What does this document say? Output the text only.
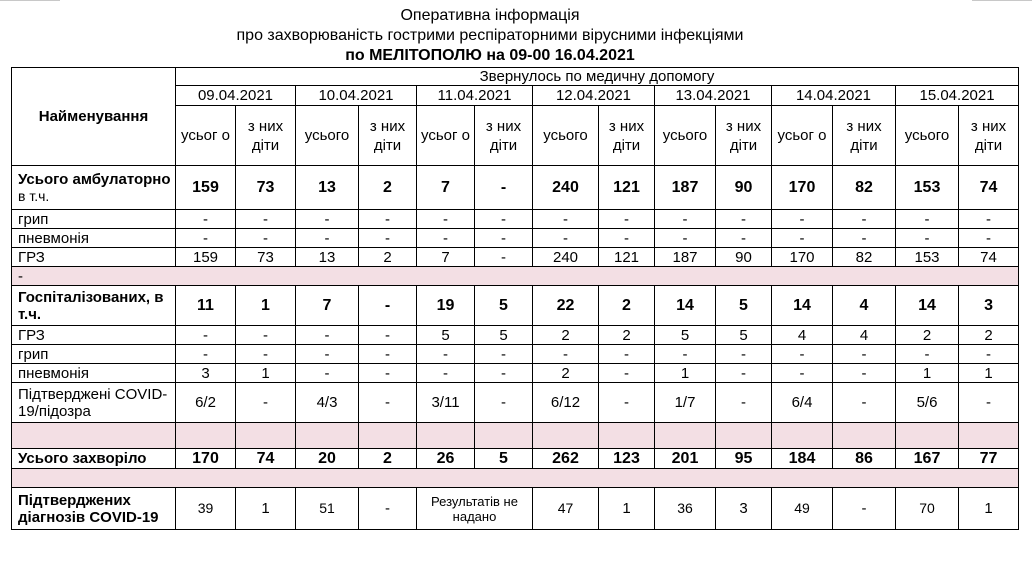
Оперативна інформація
про захворюваність гострими респіраторними вірусними інфекціями
по МЕЛІТОПОЛЮ на 09-00 16.04.2021
Найменування	Звернулось по медичну допомогу													
	09.04.2021		10.04.2021		11.04.2021		12.04.2021		13.04.2021		14.04.2021		15.04.2021	
	усьог о	з них діти	усього	з них діти	усьог о	з них діти	усього	з них діти	усього	з них діти	усьог о	з них діти	усього	з них діти
Усього амбулаторно в т.ч.	159	73	13	2	7	-	240	121	187	90	170	82	153	74
грип	-	-	-	-	-	-	-	-	-	-	-	-	-	-
пневмонія	-	-	-	-	-	-	-	-	-	-	-	-	-	-
ГРЗ	159	73	13	2	7	-	240	121	187	90	170	82	153	74
-														
Госпіталізованих, в т.ч.	11	1	7	-	19	5	22	2	14	5	14	4	14	3
ГРЗ	-	-	-	-	5	5	2	2	5	5	4	4	2	2
грип	-	-	-	-	-	-	-	-	-	-	-	-	-	-
пневмонія	3	1	-	-	-	-	2	-	1	-	-	-	1	1
Підтверджені COVID-19/підозра	6/2	-	4/3	-	3/11	-	6/12	-	1/7	-	6/4	-	5/6	-

Усього захворіло	170	74	20	2	26	5	262	123	201	95	184	86	167	77

Підтверджених діагнозів COVID-19	39	1	51	-	Результатів не надано		47	1	36	3	49	-	70	1
